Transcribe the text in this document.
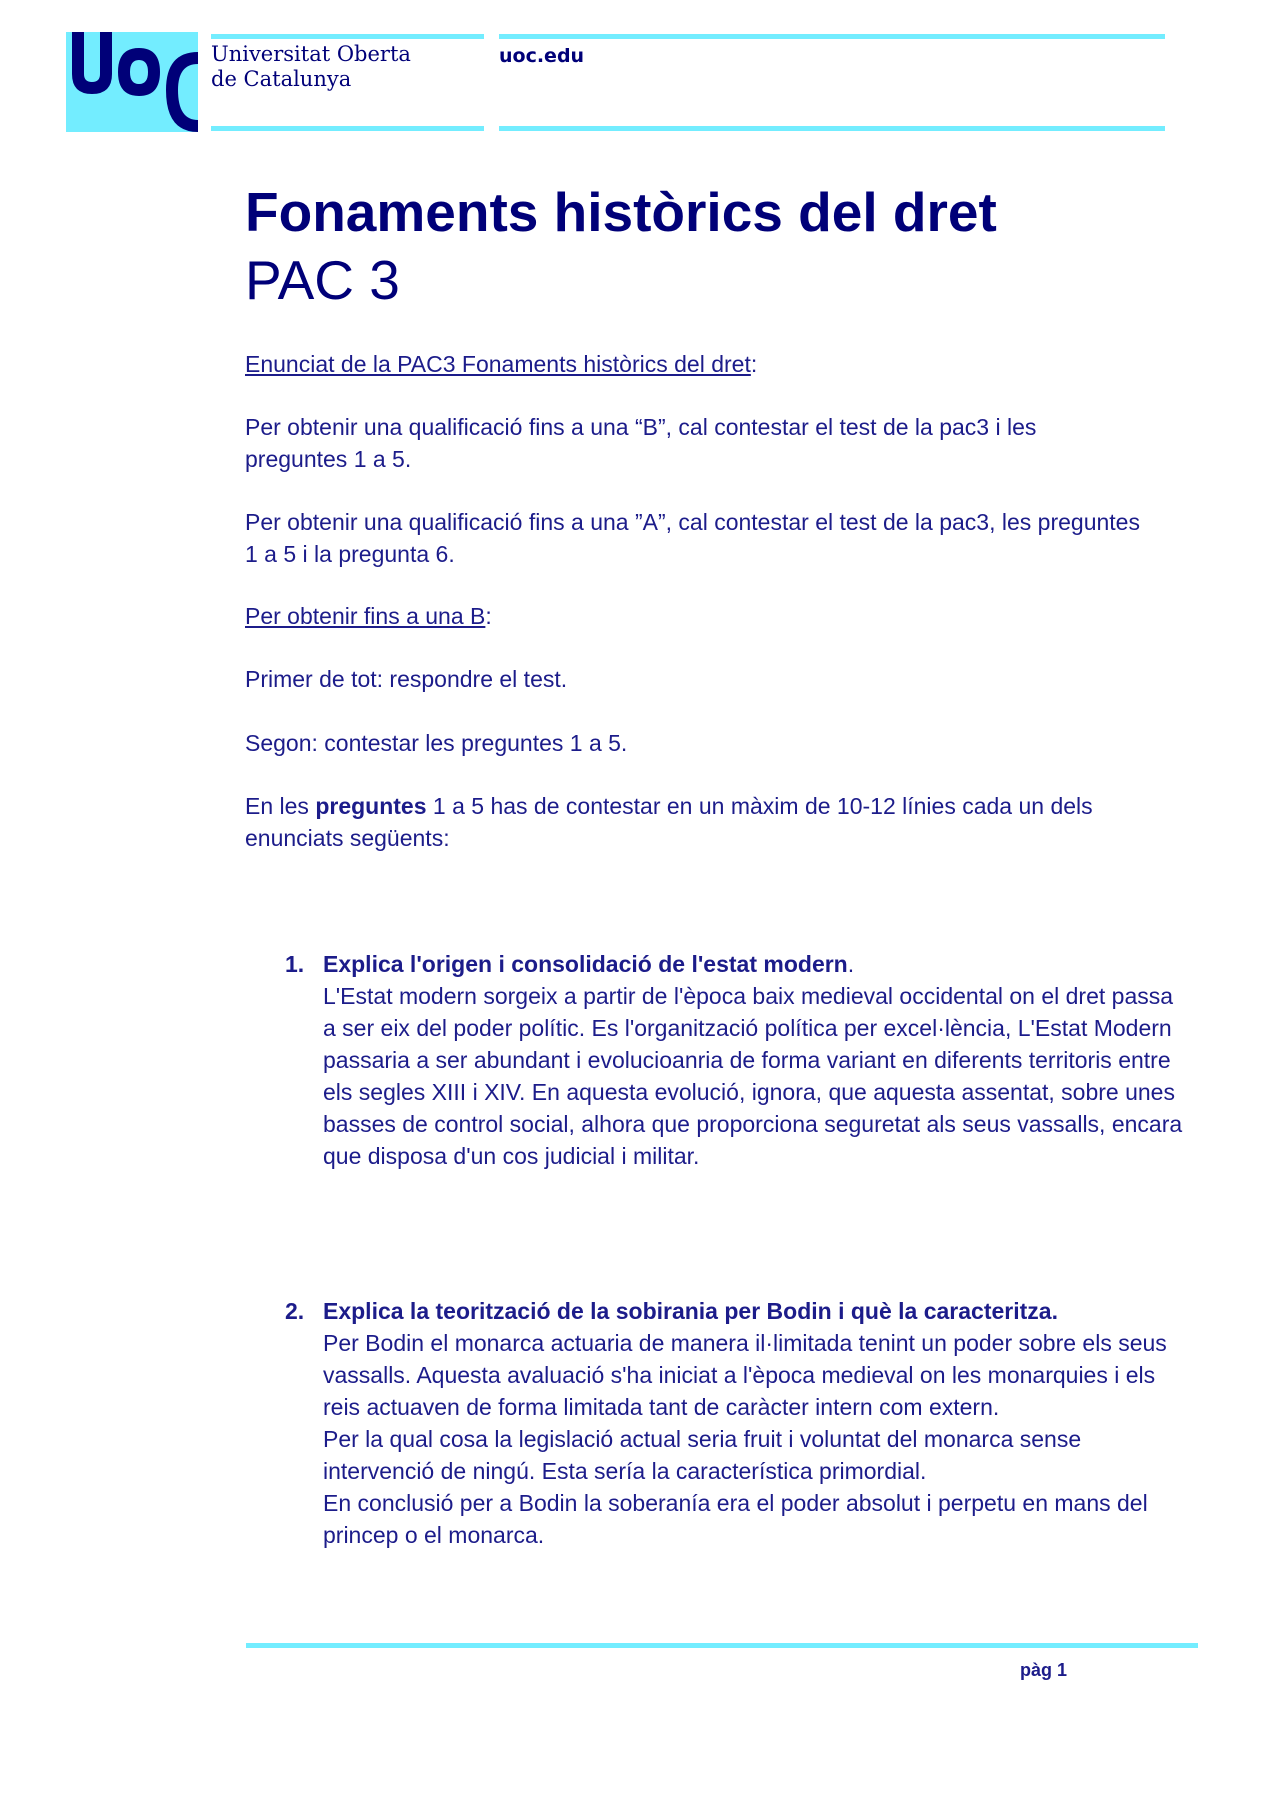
Universitat Oberta
de Catalunya
uoc.edu
Fonaments històrics del dret
PAC 3
Enunciat de la PAC3 Fonaments històrics del dret:
Per obtenir una qualificació fins a una “B”, cal contestar el test de la pac3 i les preguntes 1 a 5.
Per obtenir una qualificació fins a una ”A”, cal contestar el test de la pac3, les preguntes 1 a 5 i la pregunta 6.
Per obtenir fins a una B:
Primer de tot: respondre el test.
Segon: contestar les preguntes 1 a 5.
En les preguntes 1 a 5 has de contestar en un màxim de 10-12 línies cada un dels enunciats següents:
1. Explica l'origen i consolidació de l'estat modern.
L'Estat modern sorgeix a partir de l'època baix medieval occidental on el dret passa a ser eix del poder polític. Es l'organització política per excel·lència, L'Estat Modern passaria a ser abundant i evolucioanria de forma variant en diferents territoris entre els segles XIII i XIV. En aquesta evolució, ignora, que aquesta assentat, sobre unes basses de control social, alhora que proporciona seguretat als seus vassalls, encara que disposa d'un cos judicial i militar.
2. Explica la teorització de la sobirania per Bodin i què la caracteritza.

Per Bodin el monarca actuaria de manera il·limitada tenint un poder sobre els seus vassalls. Aquesta avaluació s'ha iniciat a l'època medieval on les monarquies i els reis actuaven de forma limitada tant de caràcter intern com extern.

Per la qual cosa la legislació actual seria fruit i voluntat del monarca sense intervenció de ningú. Esta sería la característica primordial.

En conclusió per a Bodin la soberanía era el poder absolut i perpetu en mans del princep o el monarca.

pàg 1
